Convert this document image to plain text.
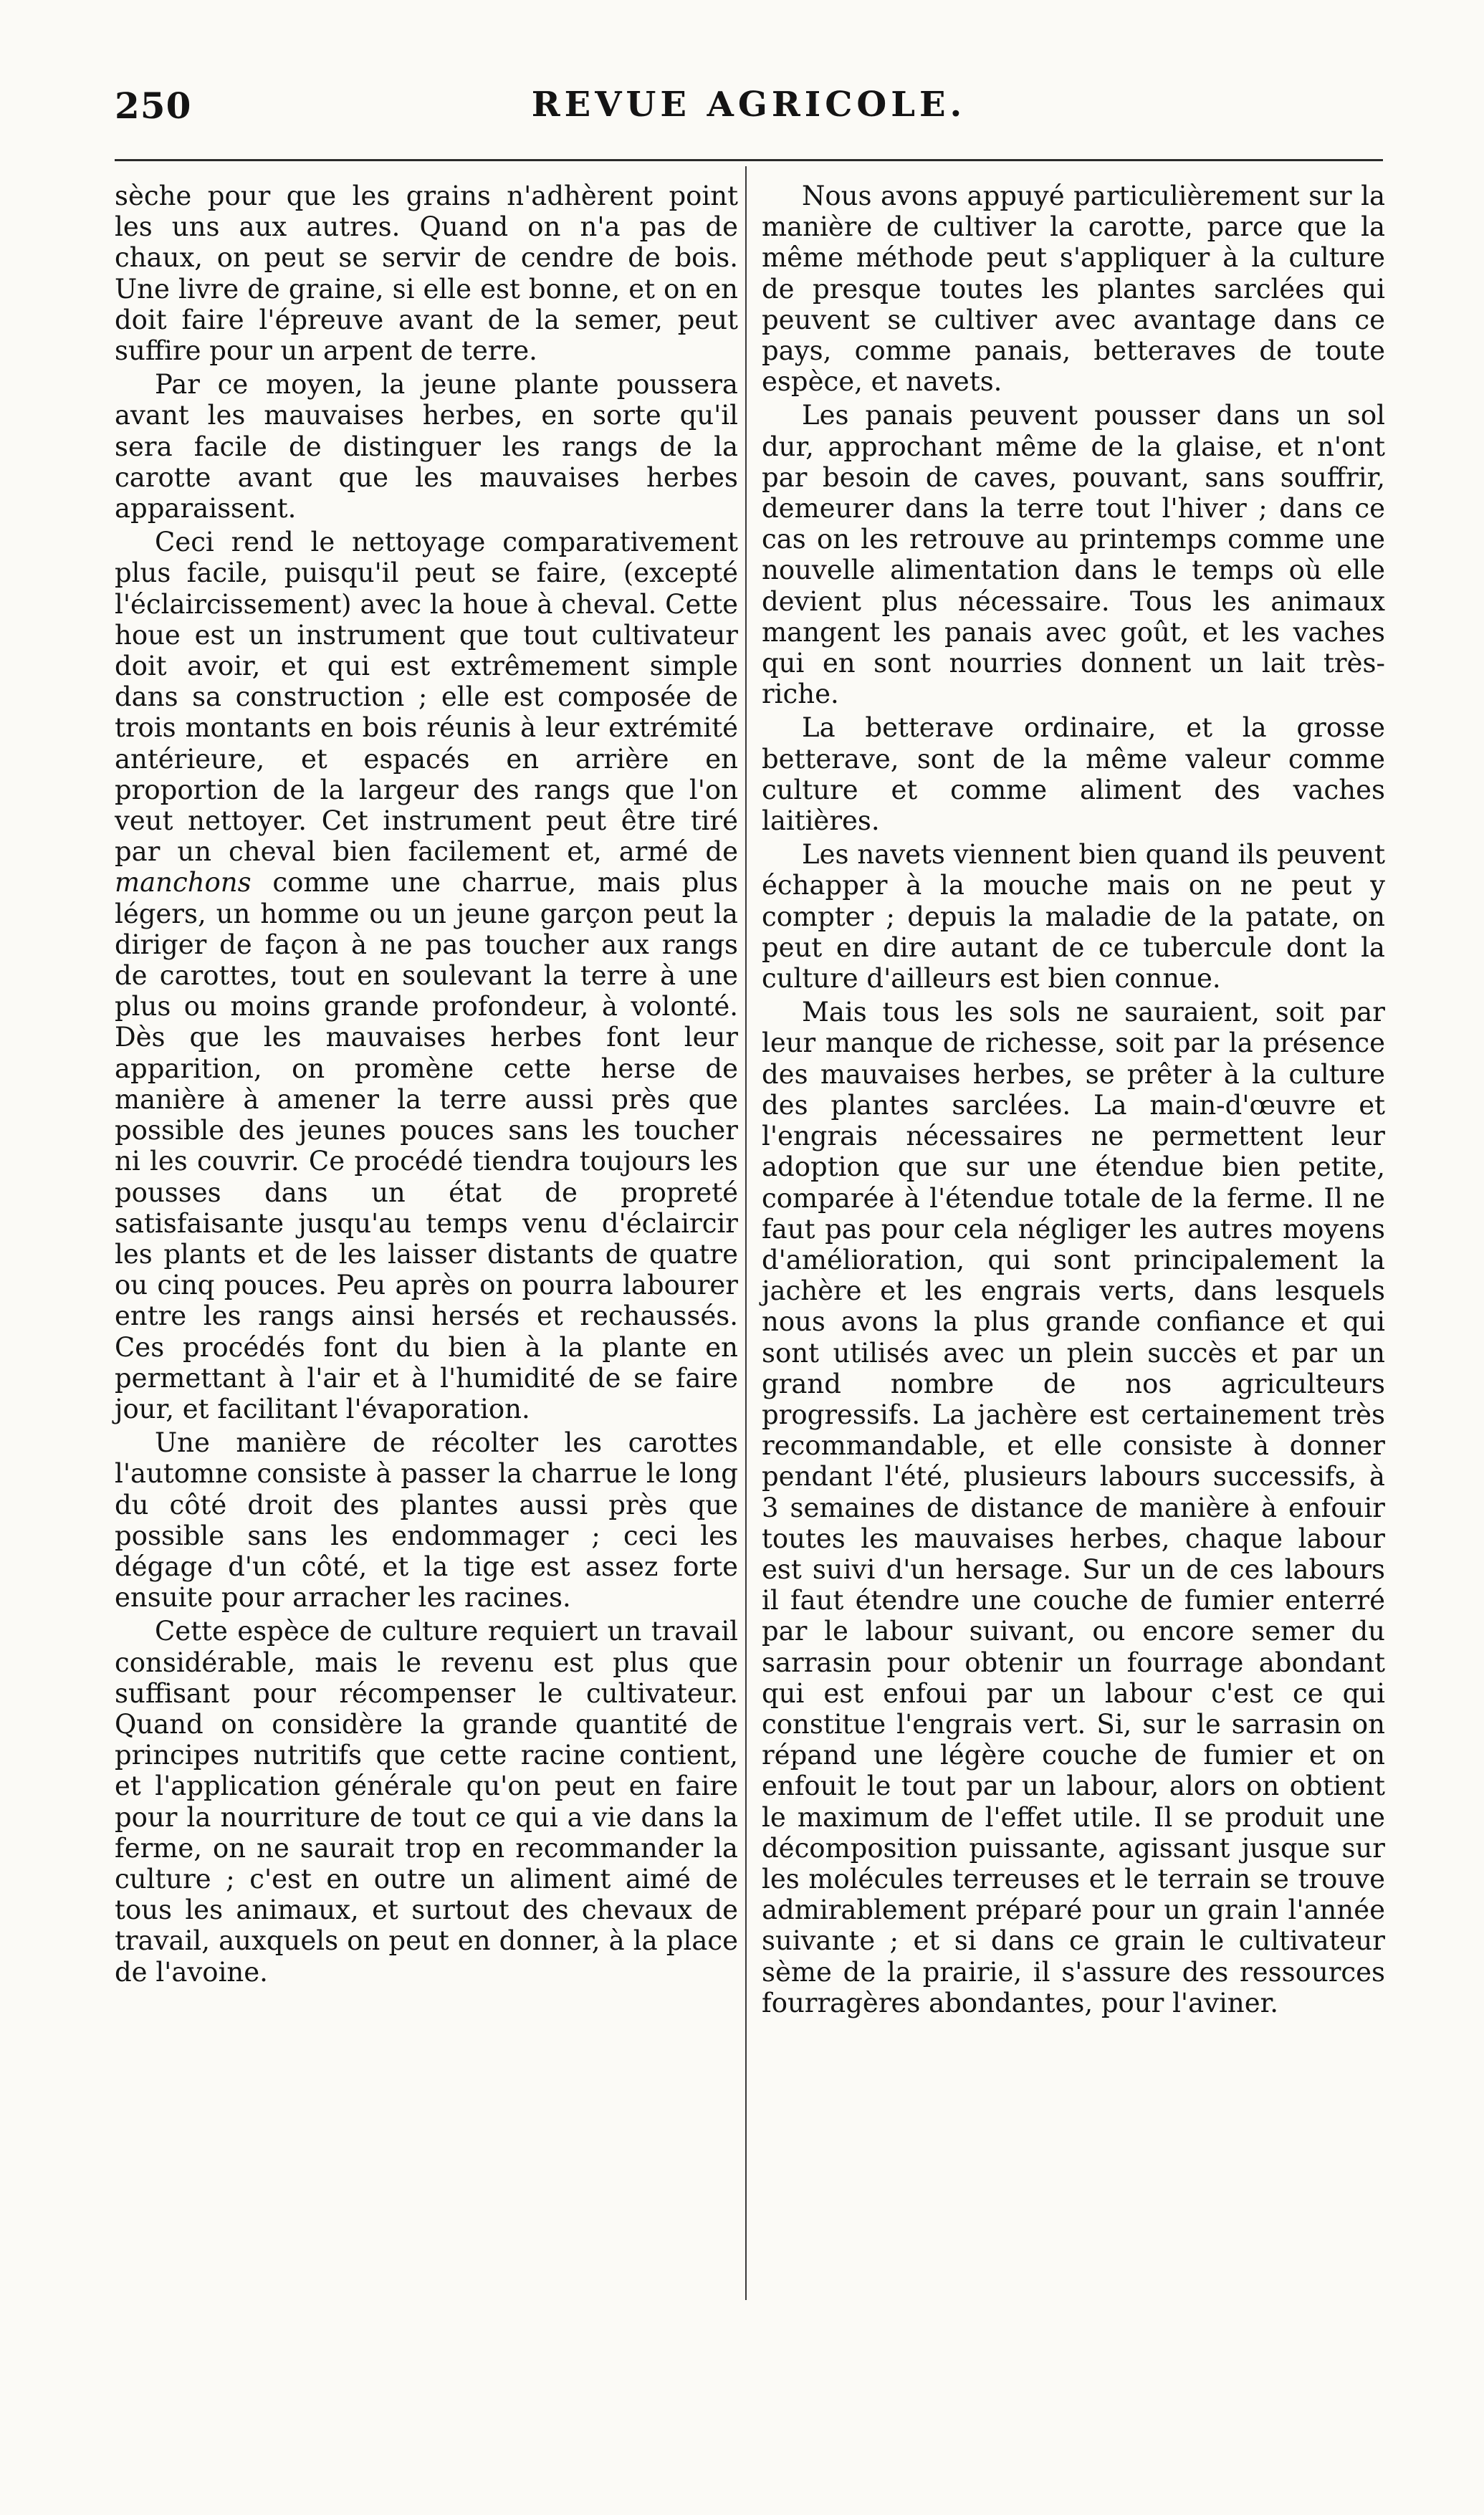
250	REVUE AGRICOLE.

sèche pour que les grains n'adhèrent point les uns aux autres. Quand on n'a pas de chaux, on peut se servir de cendre de bois. Une livre de graine, si elle est bonne, et on en doit faire l'épreuve avant de la semer, peut suffire pour un arpent de terre.

Par ce moyen, la jeune plante poussera avant les mauvaises herbes, en sorte qu'il sera facile de distinguer les rangs de la carotte avant que les mauvaises herbes apparaissent.

Ceci rend le nettoyage comparativement plus facile, puisqu'il peut se faire, (excepté l'éclaircissement) avec la houe à cheval. Cette houe est un instrument que tout cultivateur doit avoir, et qui est extrêmement simple dans sa construction ; elle est composée de trois montants en bois réunis à leur extrémité antérieure, et espacés en arrière en proportion de la largeur des rangs que l'on veut nettoyer. Cet instrument peut être tiré par un cheval bien facilement et, armé de manchons comme une charrue, mais plus légers, un homme ou un jeune garçon peut la diriger de façon à ne pas toucher aux rangs de carottes, tout en soulevant la terre à une plus ou moins grande profondeur, à volonté. Dès que les mauvaises herbes font leur apparition, on promène cette herse de manière à amener la terre aussi près que possible des jeunes pouces sans les toucher ni les couvrir. Ce procédé tiendra toujours les pousses dans un état de propreté satisfaisante jusqu'au temps venu d'éclaircir les plants et de les laisser distants de quatre ou cinq pouces. Peu après on pourra labourer entre les rangs ainsi hersés et rechaussés. Ces procédés font du bien à la plante en permettant à l'air et à l'humidité de se faire jour, et facilitant l'évaporation.

Une manière de récolter les carottes l'automne consiste à passer la charrue le long du côté droit des plantes aussi près que possible sans les endommager ; ceci les dégage d'un côté, et la tige est assez forte ensuite pour arracher les racines.

Cette espèce de culture requiert un travail considérable, mais le revenu est plus que suffisant pour récompenser le cultivateur. Quand on considère la grande quantité de principes nutritifs que cette racine contient, et l'application générale qu'on peut en faire pour la nourriture de tout ce qui a vie dans la ferme, on ne saurait trop en recommander la culture ; c'est en outre un aliment aimé de tous les animaux, et surtout des chevaux de travail, auxquels on peut en donner, à la place de l'avoine.

Nous avons appuyé particulièrement sur la manière de cultiver la carotte, parce que la même méthode peut s'appliquer à la culture de presque toutes les plantes sarclées qui peuvent se cultiver avec avantage dans ce pays, comme panais, betteraves de toute espèce, et navets.

Les panais peuvent pousser dans un sol dur, approchant même de la glaise, et n'ont par besoin de caves, pouvant, sans souffrir, demeurer dans la terre tout l'hiver ; dans ce cas on les retrouve au printemps comme une nouvelle alimentation dans le temps où elle devient plus nécessaire. Tous les animaux mangent les panais avec goût, et les vaches qui en sont nourries donnent un lait très-riche.

La betterave ordinaire, et la grosse betterave, sont de la même valeur comme culture et comme aliment des vaches laitières.

Les navets viennent bien quand ils peuvent échapper à la mouche mais on ne peut y compter ; depuis la maladie de la patate, on peut en dire autant de ce tubercule dont la culture d'ailleurs est bien connue.

Mais tous les sols ne sauraient, soit par leur manque de richesse, soit par la présence des mauvaises herbes, se prêter à la culture des plantes sarclées. La main-d'œuvre et l'engrais nécessaires ne permettent leur adoption que sur une étendue bien petite, comparée à l'étendue totale de la ferme. Il ne faut pas pour cela négliger les autres moyens d'amélioration, qui sont principalement la jachère et les engrais verts, dans lesquels nous avons la plus grande confiance et qui sont utilisés avec un plein succès et par un grand nombre de nos agriculteurs progressifs. La jachère est certainement très recommandable, et elle consiste à donner pendant l'été, plusieurs labours successifs, à 3 semaines de distance de manière à enfouir toutes les mauvaises herbes, chaque labour est suivi d'un hersage. Sur un de ces labours il faut étendre une couche de fumier enterré par le labour suivant, ou encore semer du sarrasin pour obtenir un fourrage abondant qui est enfoui par un labour c'est ce qui constitue l'engrais vert. Si, sur le sarrasin on répand une légère couche de fumier et on enfouit le tout par un labour, alors on obtient le maximum de l'effet utile. Il se produit une décomposition puissante, agissant jusque sur les molécules terreuses et le terrain se trouve admirablement préparé pour un grain l'année suivante ; et si dans ce grain le cultivateur sème de la prairie, il s'assure des ressources fourragères abondantes, pour l'aviner.
